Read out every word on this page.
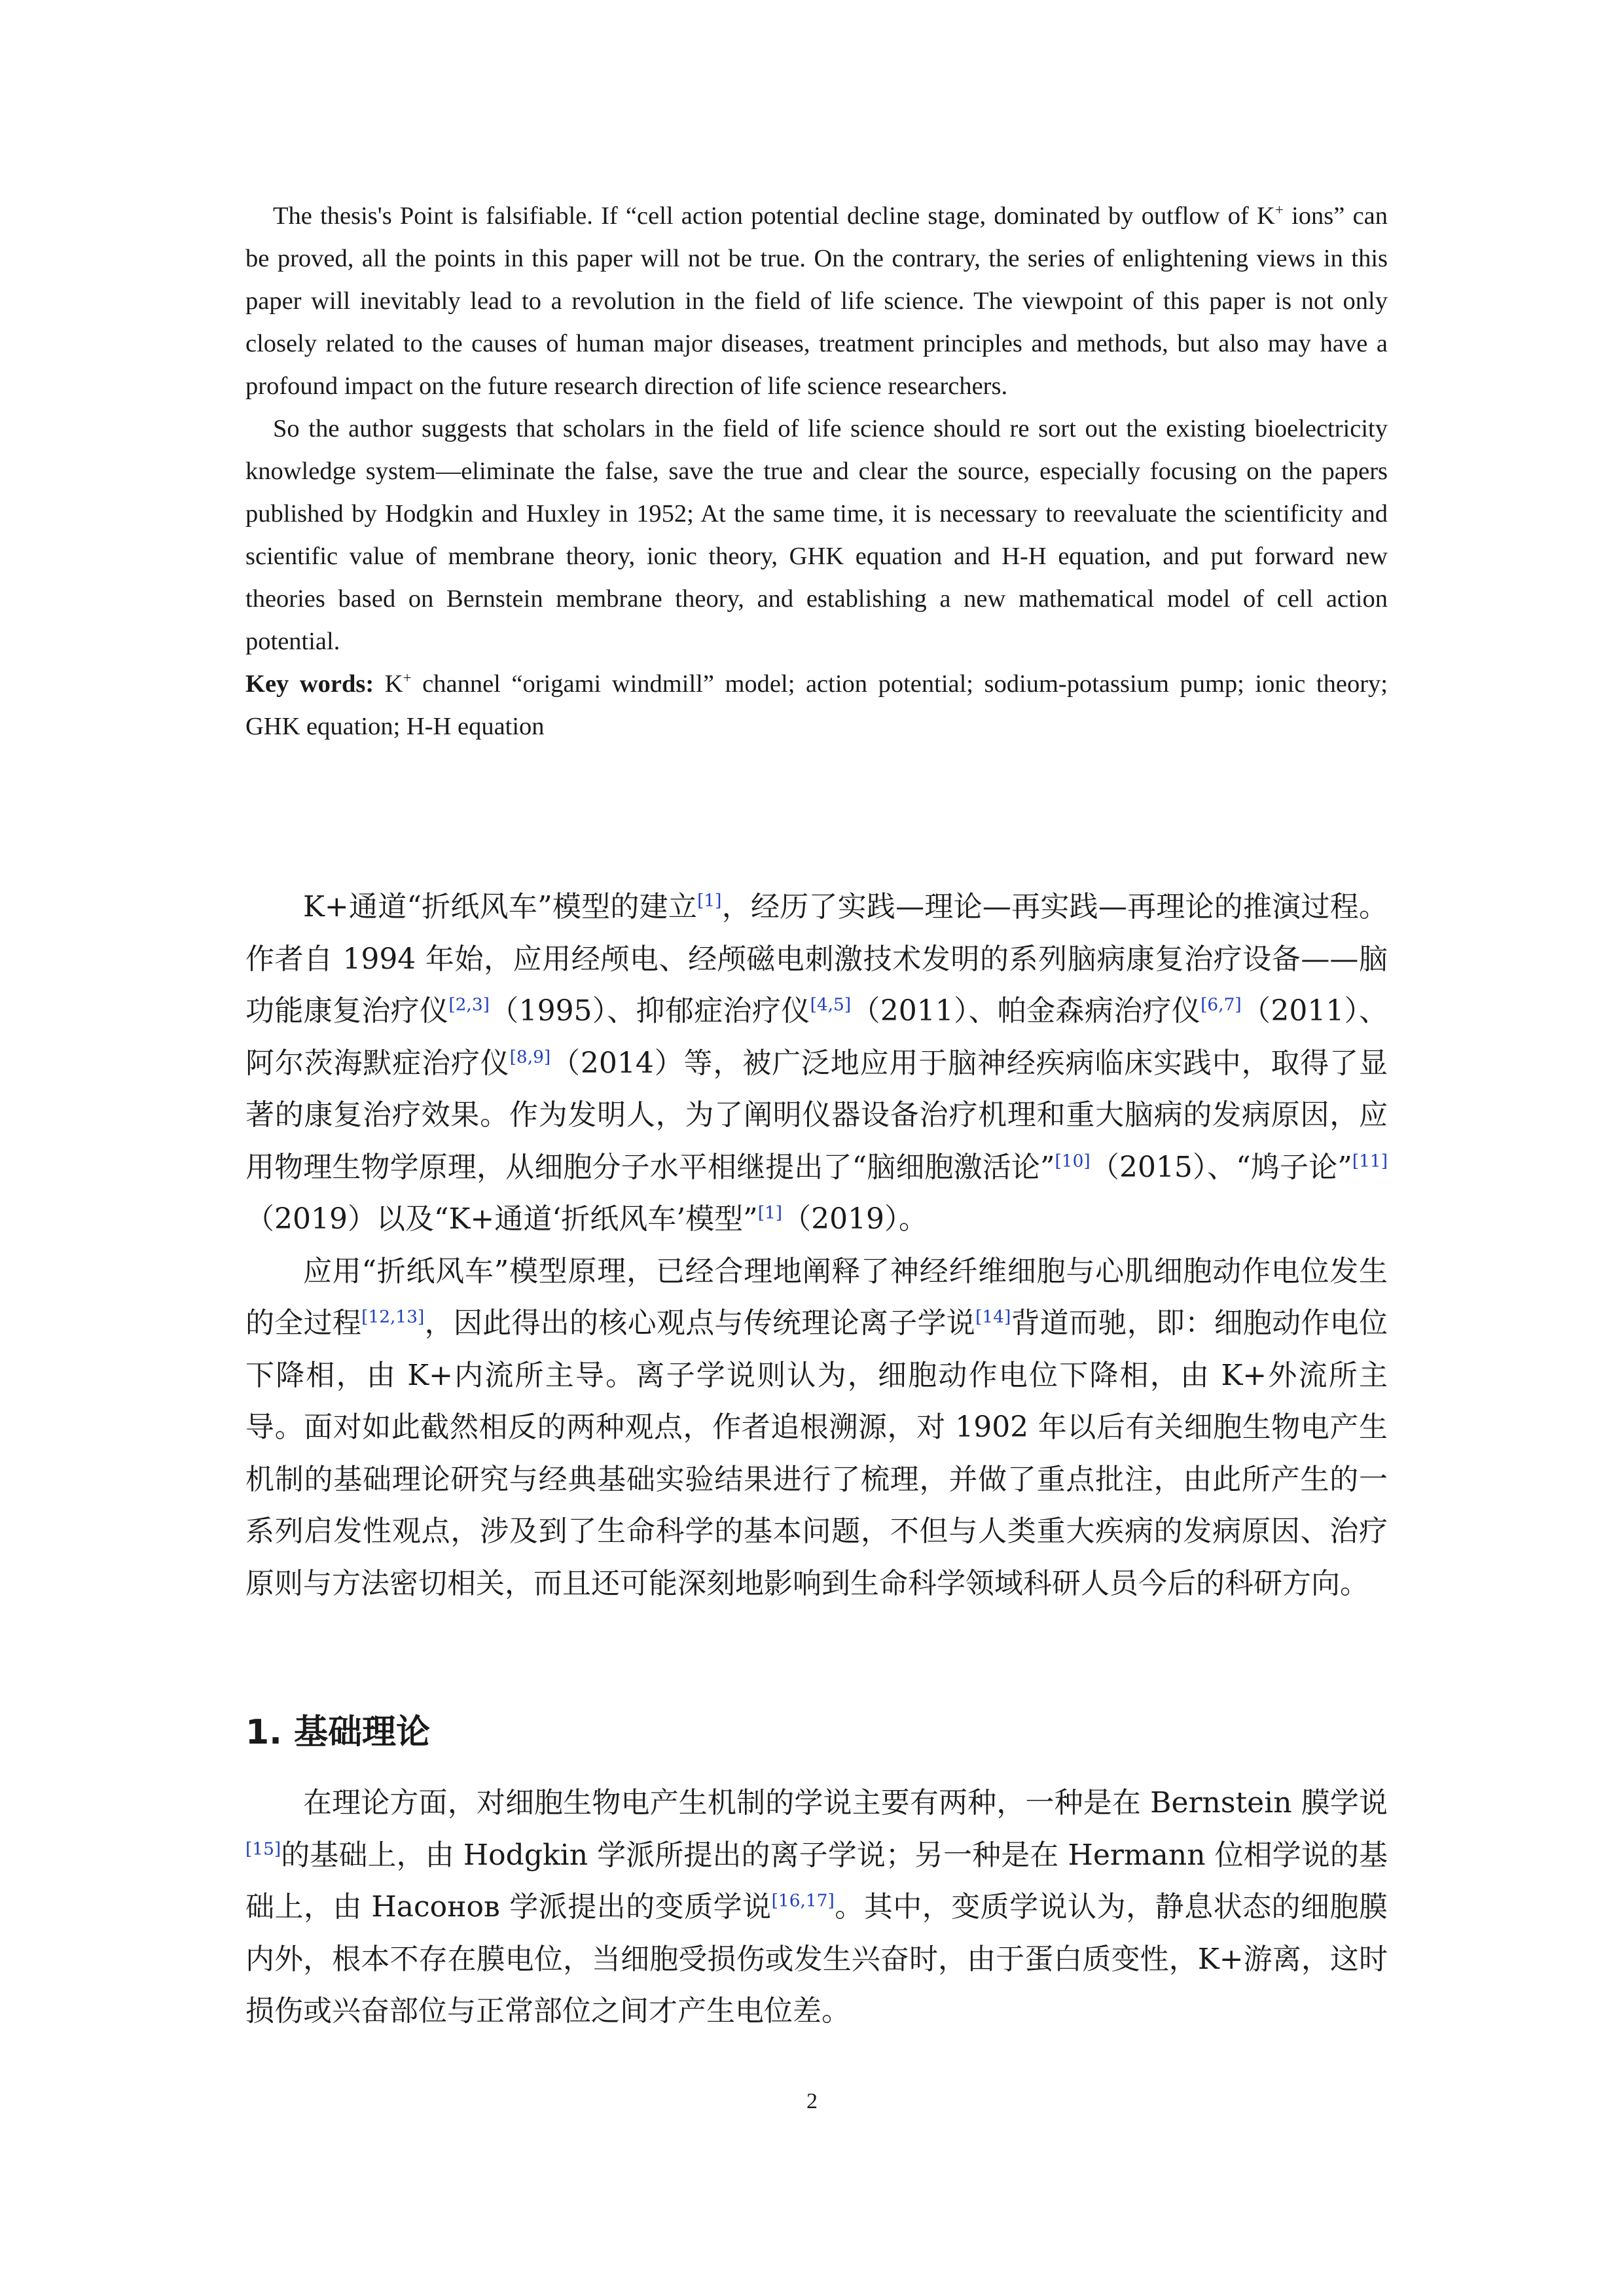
The thesis's Point is falsifiable. If “cell action potential decline stage, dominated by outflow of K+ ions” can be proved, all the points in this paper will not be true. On the contrary, the series of enlightening views in this paper will inevitably lead to a revolution in the field of life science. The viewpoint of this paper is not only closely related to the causes of human major diseases, treatment principles and methods, but also may have a profound impact on the future research direction of life science researchers.

So the author suggests that scholars in the field of life science should re sort out the existing bioelectricity knowledge system—eliminate the false, save the true and clear the source, especially focusing on the papers published by Hodgkin and Huxley in 1952; At the same time, it is necessary to reevaluate the scientificity and scientific value of membrane theory, ionic theory, GHK equation and H-H equation, and put forward new theories based on Bernstein membrane theory, and establishing a new mathematical model of cell action potential.

Key words: K+ channel “origami windmill” model; action potential; sodium-potassium pump; ionic theory; GHK equation; H-H equation

K+通道“折纸风车”模型的建立[1]，经历了实践—理论—再实践—再理论的推演过程。作者自 1994 年始，应用经颅电、经颅磁电刺激技术发明的系列脑病康复治疗设备——脑功能康复治疗仪[2,3]（1995）、抑郁症治疗仪[4,5]（2011）、帕金森病治疗仪[6,7]（2011）、阿尔茨海默症治疗仪[8,9]（2014）等，被广泛地应用于脑神经疾病临床实践中，取得了显著的康复治疗效果。作为发明人，为了阐明仪器设备治疗机理和重大脑病的发病原因，应用物理生物学原理，从细胞分子水平相继提出了“脑细胞激活论”[10]（2015）、“鸠子论”[11]（2019）以及“K+通道‘折纸风车’模型”[1]（2019）。

应用“折纸风车”模型原理，已经合理地阐释了神经纤维细胞与心肌细胞动作电位发生的全过程[12,13]，因此得出的核心观点与传统理论离子学说[14]背道而驰，即：细胞动作电位下降相，由 K+内流所主导。离子学说则认为，细胞动作电位下降相，由 K+外流所主导。面对如此截然相反的两种观点，作者追根溯源，对 1902 年以后有关细胞生物电产生机制的基础理论研究与经典基础实验结果进行了梳理，并做了重点批注，由此所产生的一系列启发性观点，涉及到了生命科学的基本问题，不但与人类重大疾病的发病原因、治疗原则与方法密切相关，而且还可能深刻地影响到生命科学领域科研人员今后的科研方向。

1. 基础理论

在理论方面，对细胞生物电产生机制的学说主要有两种，一种是在 Bernstein 膜学说[15]的基础上，由 Hodgkin 学派所提出的离子学说；另一种是在 Hermann 位相学说的基础上，由 Насонов 学派提出的变质学说[16,17]。其中，变质学说认为，静息状态的细胞膜内外，根本不存在膜电位，当细胞受损伤或发生兴奋时，由于蛋白质变性，K+游离，这时损伤或兴奋部位与正常部位之间才产生电位差。

2
